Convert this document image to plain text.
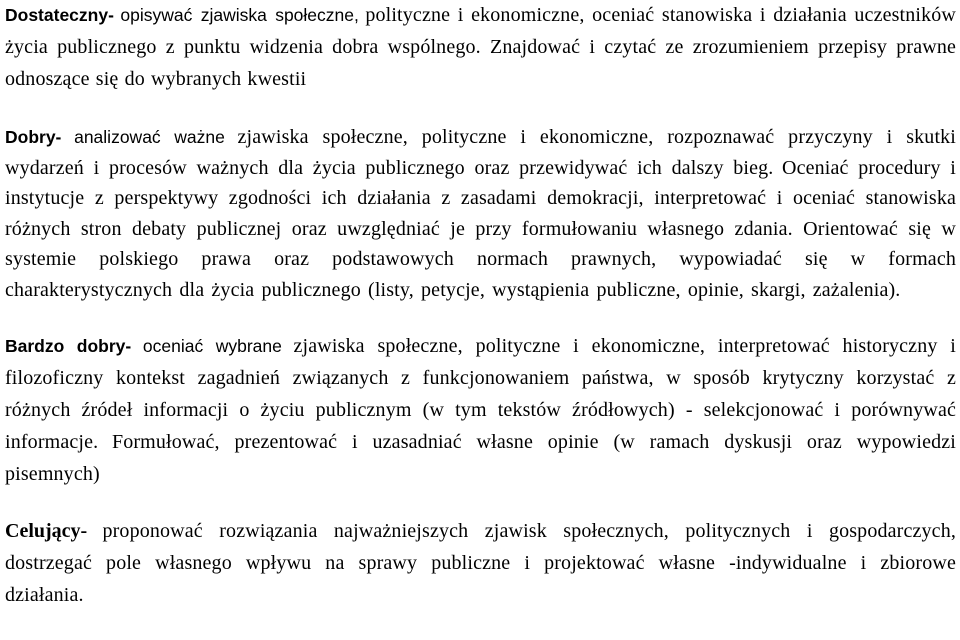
Dostateczny- opisywać zjawiska społeczne, polityczne i ekonomiczne, oceniać stanowiska i działania uczestników życia publicznego z punktu widzenia dobra wspólnego. Znajdować i czytać ze zrozumieniem przepisy prawne odnoszące się do wybranych kwestii

Dobry- analizować ważne zjawiska społeczne, polityczne i ekonomiczne, rozpoznawać przyczyny i skutki wydarzeń i procesów ważnych dla życia publicznego oraz przewidywać ich dalszy bieg. Oceniać procedury i instytucje z perspektywy zgodności ich działania z zasadami demokracji, interpretować i oceniać stanowiska różnych stron debaty publicznej oraz uwzględniać je przy formułowaniu własnego zdania. Orientować się w systemie polskiego prawa oraz podstawowych normach prawnych, wypowiadać się w formach charakterystycznych dla życia publicznego (listy, petycje, wystąpienia publiczne, opinie, skargi, zażalenia).

Bardzo dobry- oceniać wybrane zjawiska społeczne, polityczne i ekonomiczne, interpretować historyczny i filozoficzny kontekst zagadnień związanych z funkcjonowaniem państwa, w sposób krytyczny korzystać z różnych źródeł informacji o życiu publicznym (w tym tekstów źródłowych) - selekcjonować i porównywać informacje. Formułować, prezentować i uzasadniać własne opinie (w ramach dyskusji oraz wypowiedzi pisemnych)

Celujący- proponować rozwiązania najważniejszych zjawisk społecznych, politycznych i gospodarczych, dostrzegać pole własnego wpływu na sprawy publiczne i projektować własne -indywidualne i zbiorowe działania.
